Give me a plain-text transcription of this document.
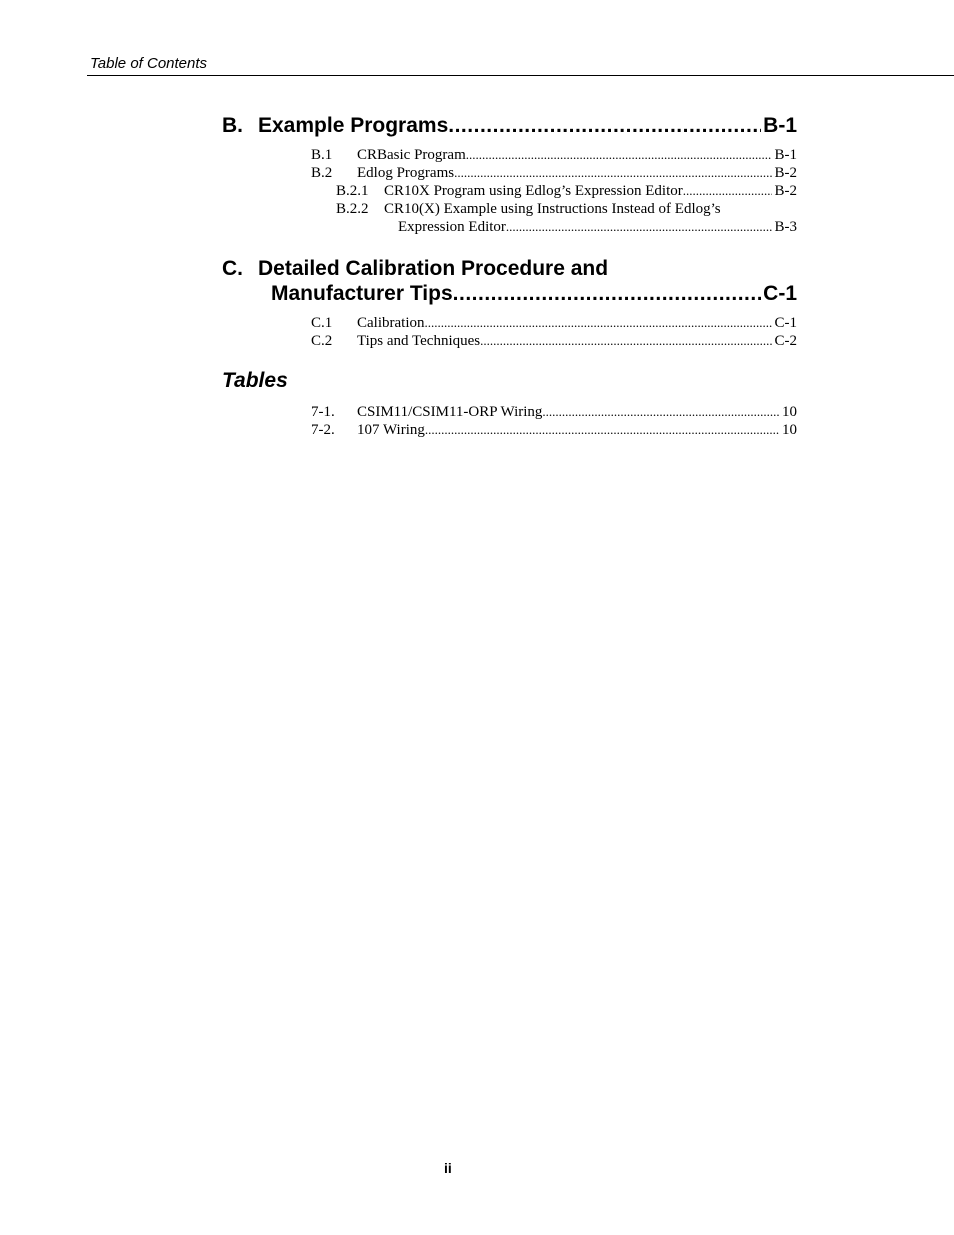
Table of Contents
B. Example Programs .....	B-1
B.1	CRBasic Program .....	B-1
B.2	Edlog Programs .....	B-2
B.2.1	CR10X Program using Edlog’s Expression Editor .....	B-2
B.2.2	CR10(X) Example using Instructions Instead of Edlog’s
Expression Editor .....	B-3
C. Detailed Calibration Procedure and
Manufacturer Tips .....	C-1
C.1	Calibration .....	C-1
C.2	Tips and Techniques .....	C-2
Tables
7-1.	CSIM11/CSIM11-ORP Wiring .....	10
7-2.	107 Wiring .....	10
ii
